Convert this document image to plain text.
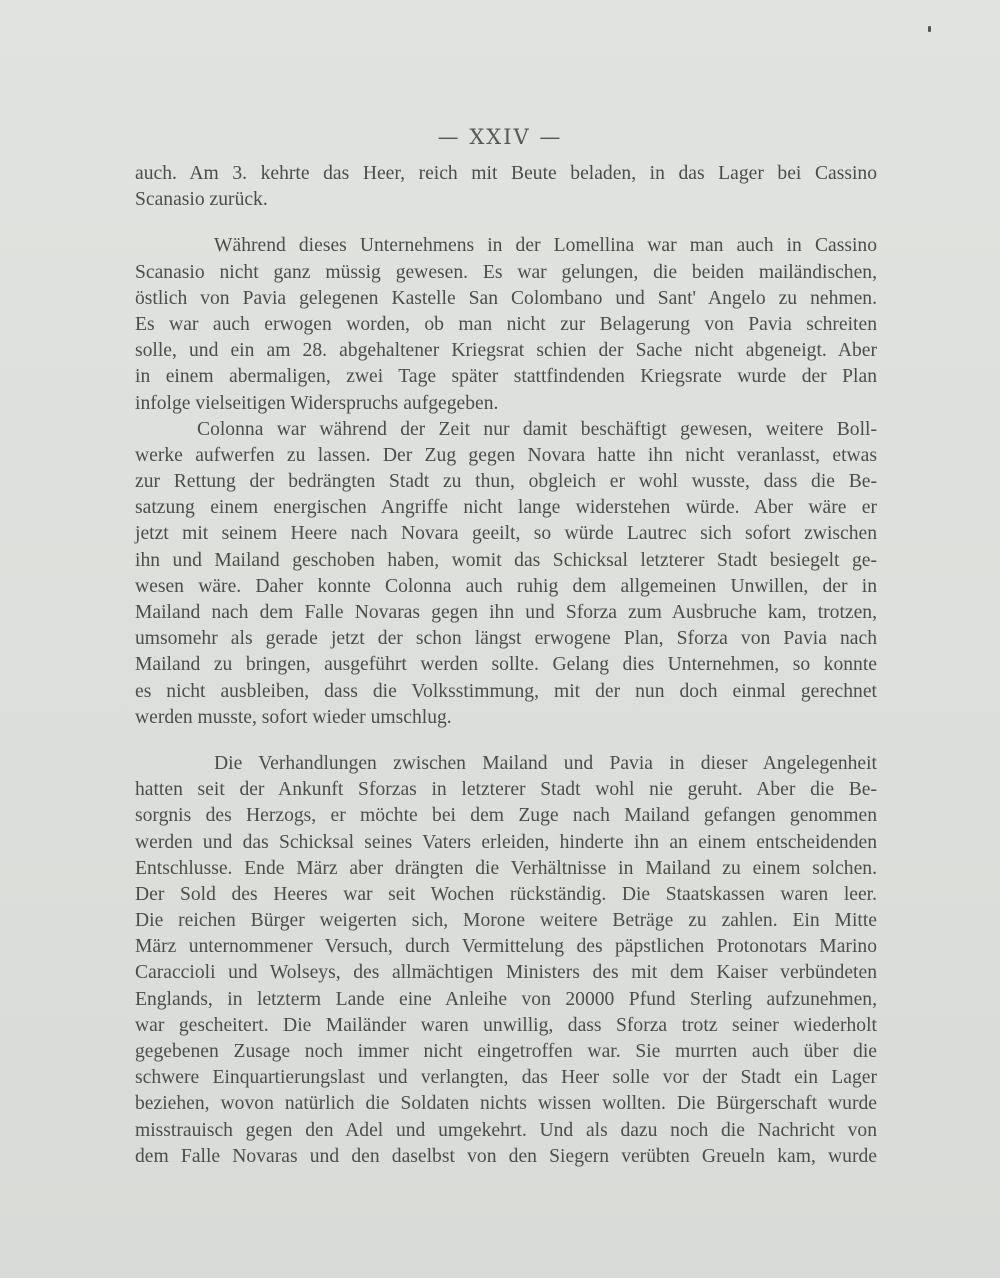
— XXIV —
auch. Am 3. kehrte das Heer, reich mit Beute beladen, in das Lager bei Cassino
Scanasio zurück.
Während dieses Unternehmens in der Lomellina war man auch in Cassino
Scanasio nicht ganz müssig gewesen. Es war gelungen, die beiden mailändischen,
östlich von Pavia gelegenen Kastelle San Colombano und Sant' Angelo zu nehmen.
Es war auch erwogen worden, ob man nicht zur Belagerung von Pavia schreiten
solle, und ein am 28. abgehaltener Kriegsrat schien der Sache nicht abgeneigt. Aber
in einem abermaligen, zwei Tage später stattfindenden Kriegsrate wurde der Plan
infolge vielseitigen Widerspruchs aufgegeben.
Colonna war während der Zeit nur damit beschäftigt gewesen, weitere Boll-
werke aufwerfen zu lassen. Der Zug gegen Novara hatte ihn nicht veranlasst, etwas
zur Rettung der bedrängten Stadt zu thun, obgleich er wohl wusste, dass die Be-
satzung einem energischen Angriffe nicht lange widerstehen würde. Aber wäre er
jetzt mit seinem Heere nach Novara geeilt, so würde Lautrec sich sofort zwischen
ihn und Mailand geschoben haben, womit das Schicksal letzterer Stadt besiegelt ge-
wesen wäre. Daher konnte Colonna auch ruhig dem allgemeinen Unwillen, der in
Mailand nach dem Falle Novaras gegen ihn und Sforza zum Ausbruche kam, trotzen,
umsomehr als gerade jetzt der schon längst erwogene Plan, Sforza von Pavia nach
Mailand zu bringen, ausgeführt werden sollte. Gelang dies Unternehmen, so konnte
es nicht ausbleiben, dass die Volksstimmung, mit der nun doch einmal gerechnet
werden musste, sofort wieder umschlug.
Die Verhandlungen zwischen Mailand und Pavia in dieser Angelegenheit
hatten seit der Ankunft Sforzas in letzterer Stadt wohl nie geruht. Aber die Be-
sorgnis des Herzogs, er möchte bei dem Zuge nach Mailand gefangen genommen
werden und das Schicksal seines Vaters erleiden, hinderte ihn an einem entscheidenden
Entschlusse. Ende März aber drängten die Verhältnisse in Mailand zu einem solchen.
Der Sold des Heeres war seit Wochen rückständig. Die Staatskassen waren leer.
Die reichen Bürger weigerten sich, Morone weitere Beträge zu zahlen. Ein Mitte
März unternommener Versuch, durch Vermittelung des päpstlichen Protonotars Marino
Caraccioli und Wolseys, des allmächtigen Ministers des mit dem Kaiser verbündeten
Englands, in letzterm Lande eine Anleihe von 20000 Pfund Sterling aufzunehmen,
war gescheitert. Die Mailänder waren unwillig, dass Sforza trotz seiner wiederholt
gegebenen Zusage noch immer nicht eingetroffen war. Sie murrten auch über die
schwere Einquartierungslast und verlangten, das Heer solle vor der Stadt ein Lager
beziehen, wovon natürlich die Soldaten nichts wissen wollten. Die Bürgerschaft wurde
misstrauisch gegen den Adel und umgekehrt. Und als dazu noch die Nachricht von
dem Falle Novaras und den daselbst von den Siegern verübten Greueln kam, wurde
